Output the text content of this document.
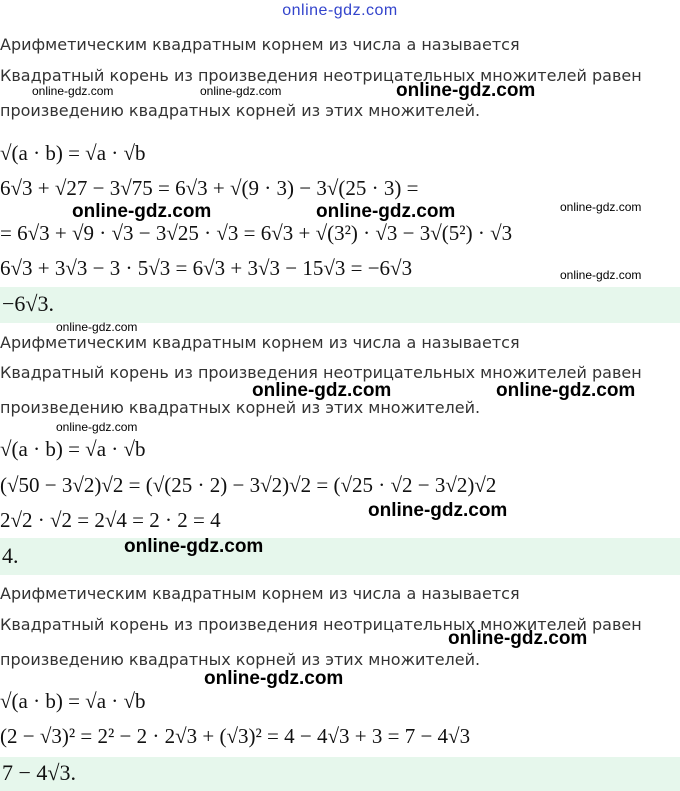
online-gdz.com
Арифметическим квадратным корнем из числа a называется
Квадратный корень из произведения неотрицательных множителей равен
произведению квадратных корней из этих множителей.
√(a · b) = √a · √b
6√3 + √27 − 3√75 = 6√3 + √(9 · 3) − 3√(25 · 3) =
= 6√3 + √9 · √3 − 3√25 · √3 = 6√3 + √(3²) · √3 − 3√(5²) · √3
6√3 + 3√3 − 3 · 5√3 = 6√3 + 3√3 − 15√3 = −6√3
−6√3.
Арифметическим квадратным корнем из числа a называется
Квадратный корень из произведения неотрицательных множителей равен
произведению квадратных корней из этих множителей.
√(a · b) = √a · √b
(√50 − 3√2)√2 = (√(25 · 2) − 3√2)√2 = (√25 · √2 − 3√2)√2
2√2 · √2 = 2√4 = 2 · 2 = 4
4.
Арифметическим квадратным корнем из числа a называется
Квадратный корень из произведения неотрицательных множителей равен
произведению квадратных корней из этих множителей.
√(a · b) = √a · √b
(2 − √3)² = 2² − 2 · 2√3 + (√3)² = 4 − 4√3 + 3 = 7 − 4√3
7 − 4√3.
online-gdz.com	online-gdz.com	online-gdz.com
online-gdz.com	online-gdz.com	online-gdz.com
online-gdz.com
online-gdz.com
online-gdz.com	online-gdz.com
online-gdz.com
online-gdz.com
online-gdz.com
online-gdz.com
online-gdz.com
